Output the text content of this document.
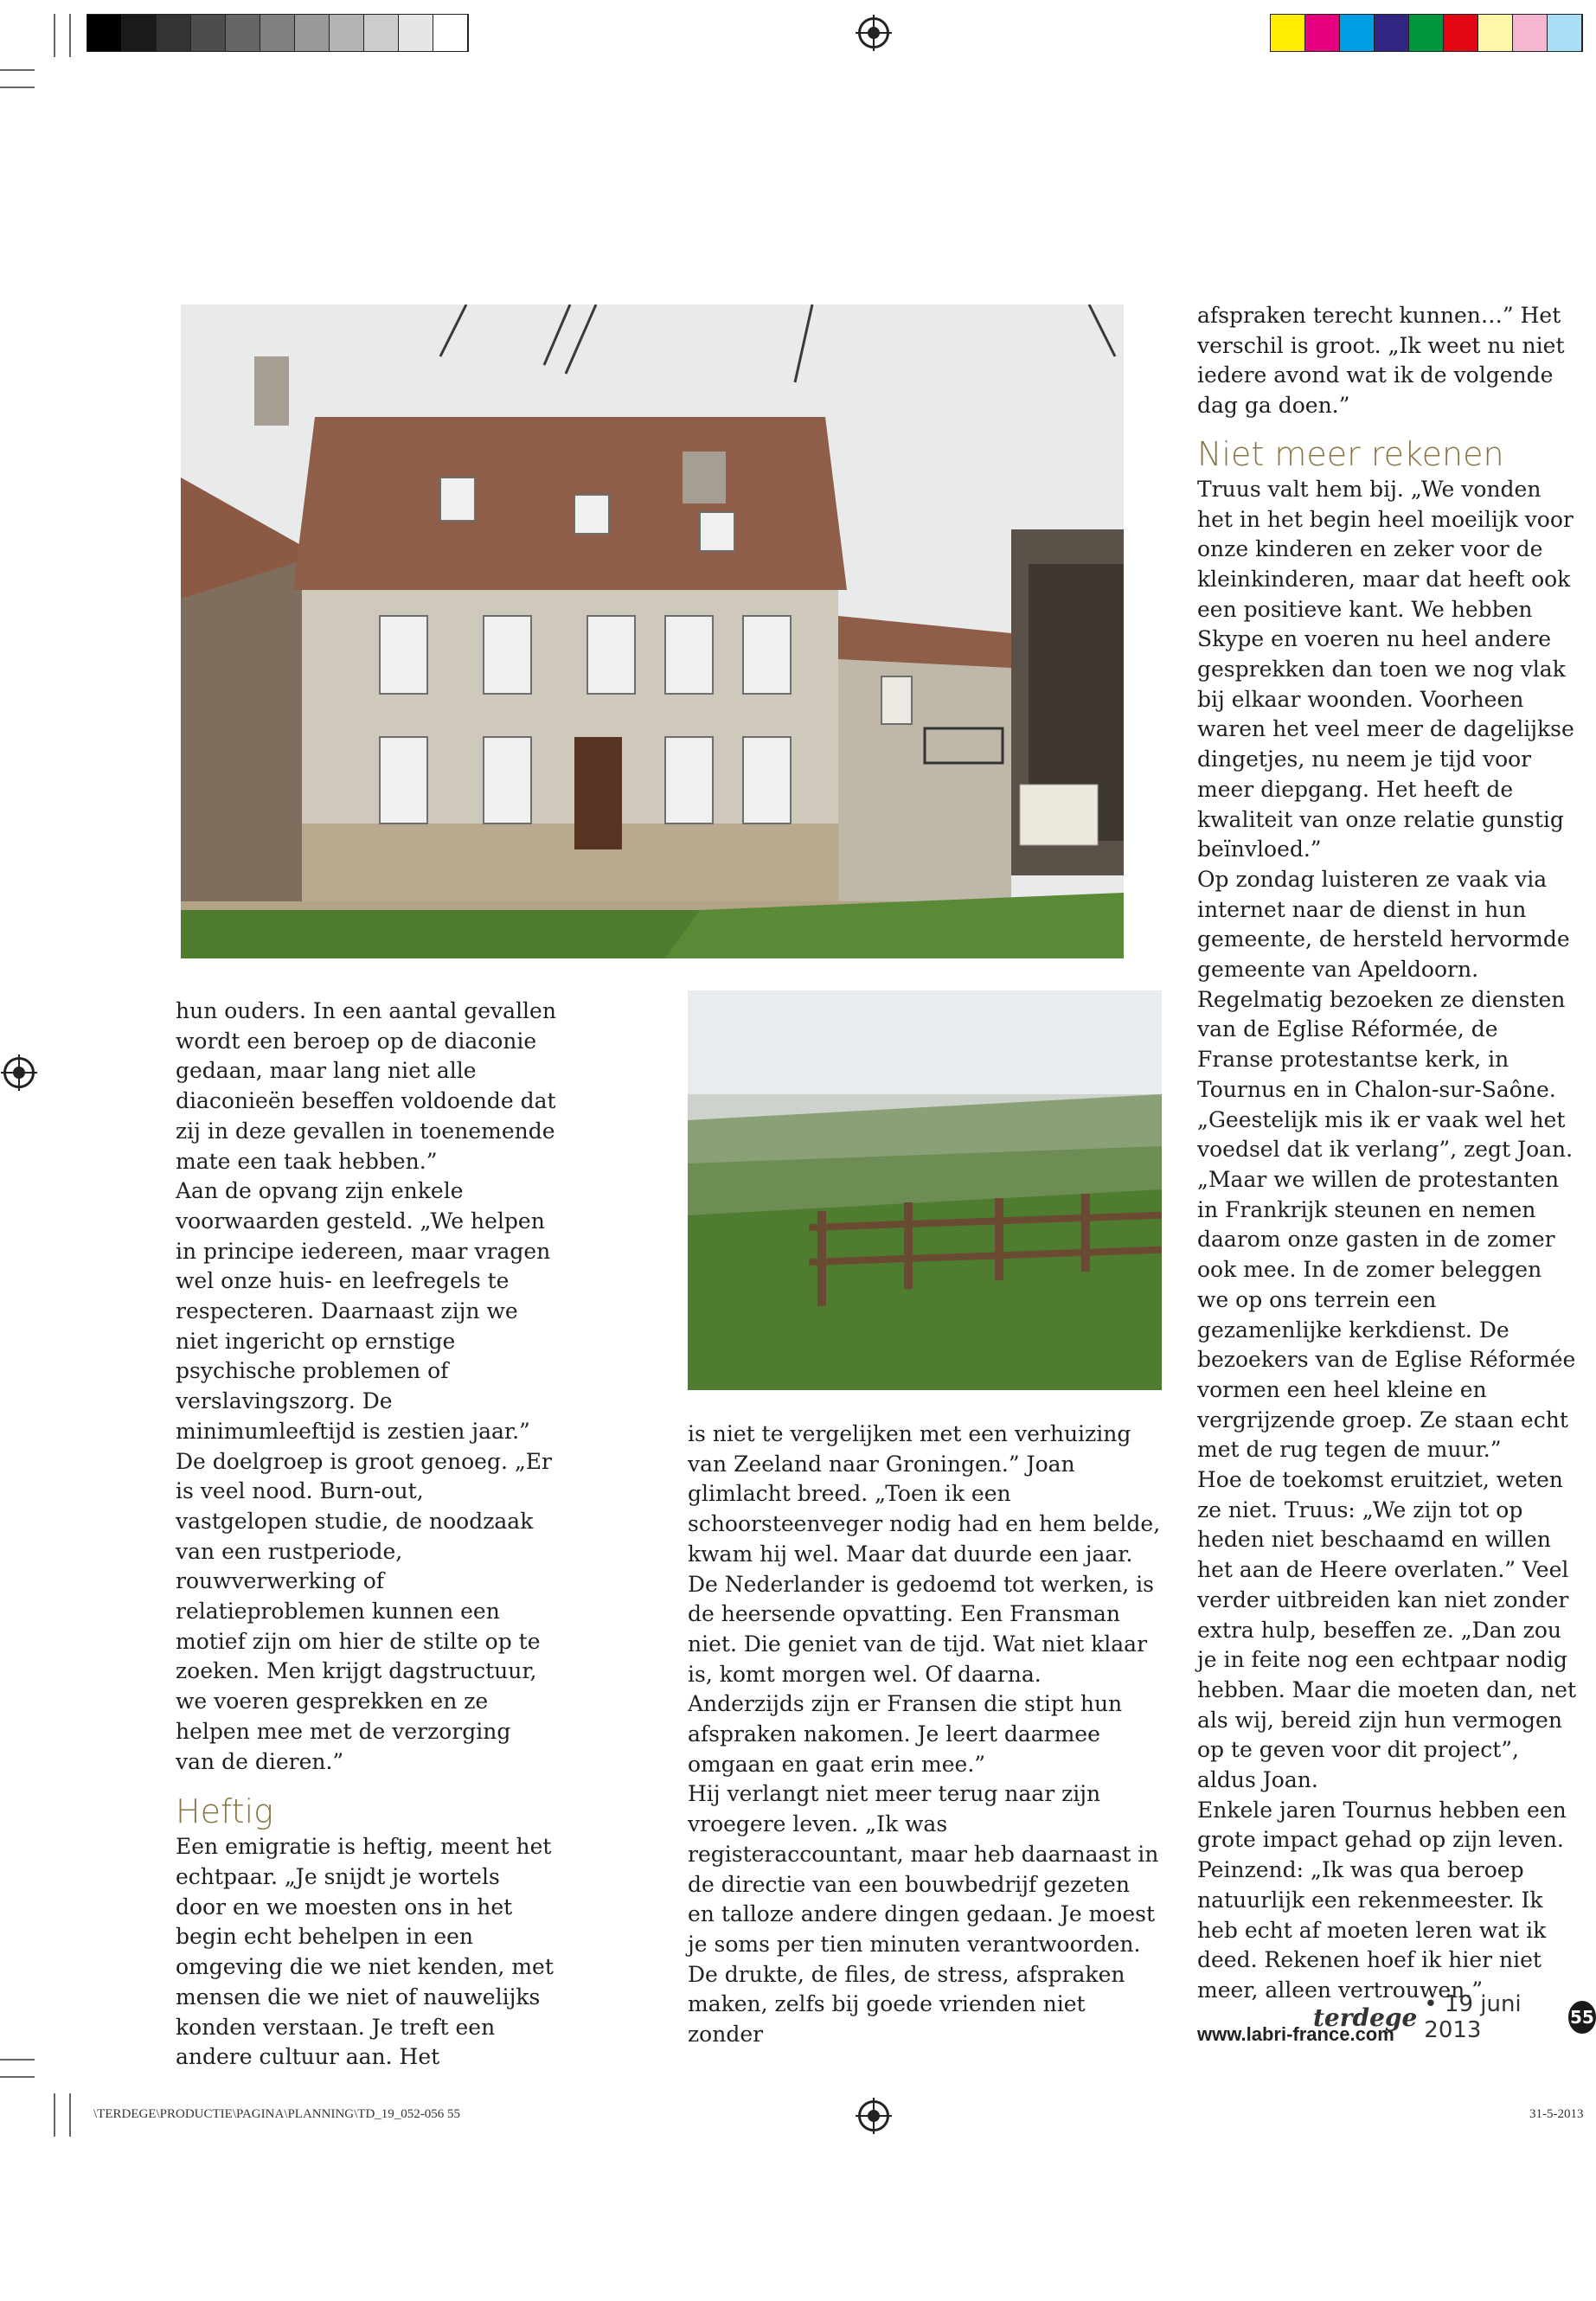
hun ouders. In een aantal gevallen wordt een beroep op de diaconie gedaan, maar lang niet alle diaconieën beseffen voldoende dat zij in deze gevallen in toenemende mate een taak hebben.”

Aan de opvang zijn enkele voorwaarden gesteld. „We helpen in principe iedereen, maar vragen wel onze huis- en leefregels te respecteren. Daarnaast zijn we niet ingericht op ernstige psychische problemen of verslavingszorg. De minimumleeftijd is zestien jaar.”

De doelgroep is groot genoeg. „Er is veel nood. Burn-out, vastgelopen studie, de noodzaak van een rustperiode, rouwverwerking of relatieproblemen kunnen een motief zijn om hier de stilte op te zoeken. Men krijgt dagstructuur, we voeren gesprekken en ze helpen mee met de verzorging van de dieren.”

Heftig

Een emigratie is heftig, meent het echtpaar. „Je snijdt je wortels door en we moesten ons in het begin echt behelpen in een omgeving die we niet kenden, met mensen die we niet of nauwelijks konden verstaan. Je treft een andere cultuur aan. Het

is niet te vergelijken met een verhuizing van Zeeland naar Groningen.” Joan glimlacht breed. „Toen ik een schoorsteenveger nodig had en hem belde, kwam hij wel. Maar dat duurde een jaar. De Nederlander is gedoemd tot werken, is de heersende opvatting. Een Fransman niet. Die geniet van de tijd. Wat niet klaar is, komt morgen wel. Of daarna. Anderzijds zijn er Fransen die stipt hun afspraken nakomen. Je leert daarmee omgaan en gaat erin mee.”

Hij verlangt niet meer terug naar zijn vroegere leven. „Ik was registeraccountant, maar heb daarnaast in de directie van een bouwbedrijf gezeten en talloze andere dingen gedaan. Je moest je soms per tien minuten verantwoorden. De drukte, de files, de stress, afspraken maken, zelfs bij goede vrienden niet zonder

afspraken terecht kunnen…” Het verschil is groot. „Ik weet nu niet iedere avond wat ik de volgende dag ga doen.”

Niet meer rekenen

Truus valt hem bij. „We vonden het in het begin heel moeilijk voor onze kinderen en zeker voor de kleinkinderen, maar dat heeft ook een positieve kant. We hebben Skype en voeren nu heel andere gesprekken dan toen we nog vlak bij elkaar woonden. Voorheen waren het veel meer de dagelijkse dingetjes, nu neem je tijd voor meer diepgang. Het heeft de kwaliteit van onze relatie gunstig beïnvloed.”

Op zondag luisteren ze vaak via internet naar de dienst in hun gemeente, de hersteld hervormde gemeente van Apeldoorn. Regelmatig bezoeken ze diensten van de Eglise Réformée, de Franse protestantse kerk, in Tournus en in Chalon-sur-Saône. „Geestelijk mis ik er vaak wel het voedsel dat ik verlang”, zegt Joan. „Maar we willen de protestanten in Frankrijk steunen en nemen daarom onze gasten in de zomer ook mee. In de zomer beleggen we op ons terrein een gezamenlijke kerkdienst. De bezoekers van de Eglise Réformée vormen een heel kleine en vergrijzende groep. Ze staan echt met de rug tegen de muur.”

Hoe de toekomst eruitziet, weten ze niet. Truus: „We zijn tot op heden niet beschaamd en willen het aan de Heere overlaten.” Veel verder uitbreiden kan niet zonder extra hulp, beseffen ze. „Dan zou je in feite nog een echtpaar nodig hebben. Maar die moeten dan, net als wij, bereid zijn hun vermogen op te geven voor dit project”, aldus Joan.

Enkele jaren Tournus hebben een grote impact gehad op zijn leven. Peinzend: „Ik was qua beroep natuurlijk een rekenmeester. Ik heb echt af moeten leren wat ik deed. Rekenen hoef ik hier niet meer, alleen vertrouwen.”

www.labri-france.com
terdege • 19 juni 2013	55
\TERDEGE\PRODUCTIE\PAGINA\PLANNING\TD_19_052-056 55	31-5-2013
